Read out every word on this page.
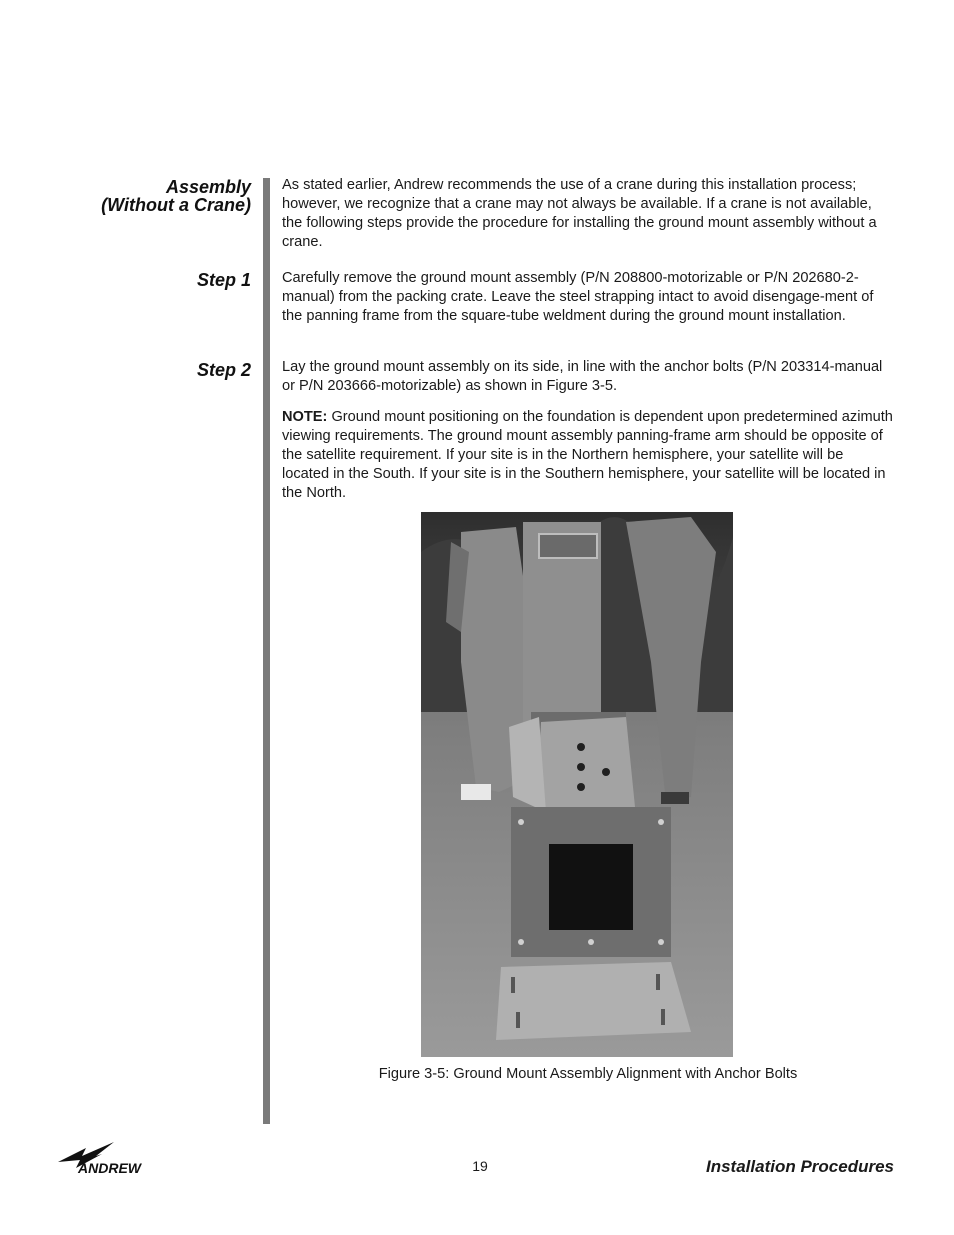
Assembly
(Without a Crane)
Step 1
Step 2

As stated earlier, Andrew recommends the use of a crane during this installation process; however, we recognize that a crane may not always be available. If a crane is not available, the following steps provide the procedure for installing the ground mount assembly without a crane.

Carefully remove the ground mount assembly (P/N 208800-motorizable or P/N 202680-2- manual) from the packing crate. Leave the steel strapping intact to avoid disengage-ment of the panning frame from the square-tube weldment during the ground mount installation.

Lay the ground mount assembly on its side, in line with the anchor bolts (P/N 203314-manual or P/N 203666-motorizable) as shown in Figure 3-5.

NOTE: Ground mount positioning on the foundation is dependent upon predetermined azimuth viewing requirements. The ground mount assembly panning-frame arm should be opposite of the satellite requirement. If your site is in the Northern hemisphere, your satellite will be located in the South. If your site is in the Southern hemisphere, your satellite will be located in the North.

Figure 3-5: Ground Mount Assembly Alignment with Anchor Bolts
ANDREW	19	Installation Procedures
